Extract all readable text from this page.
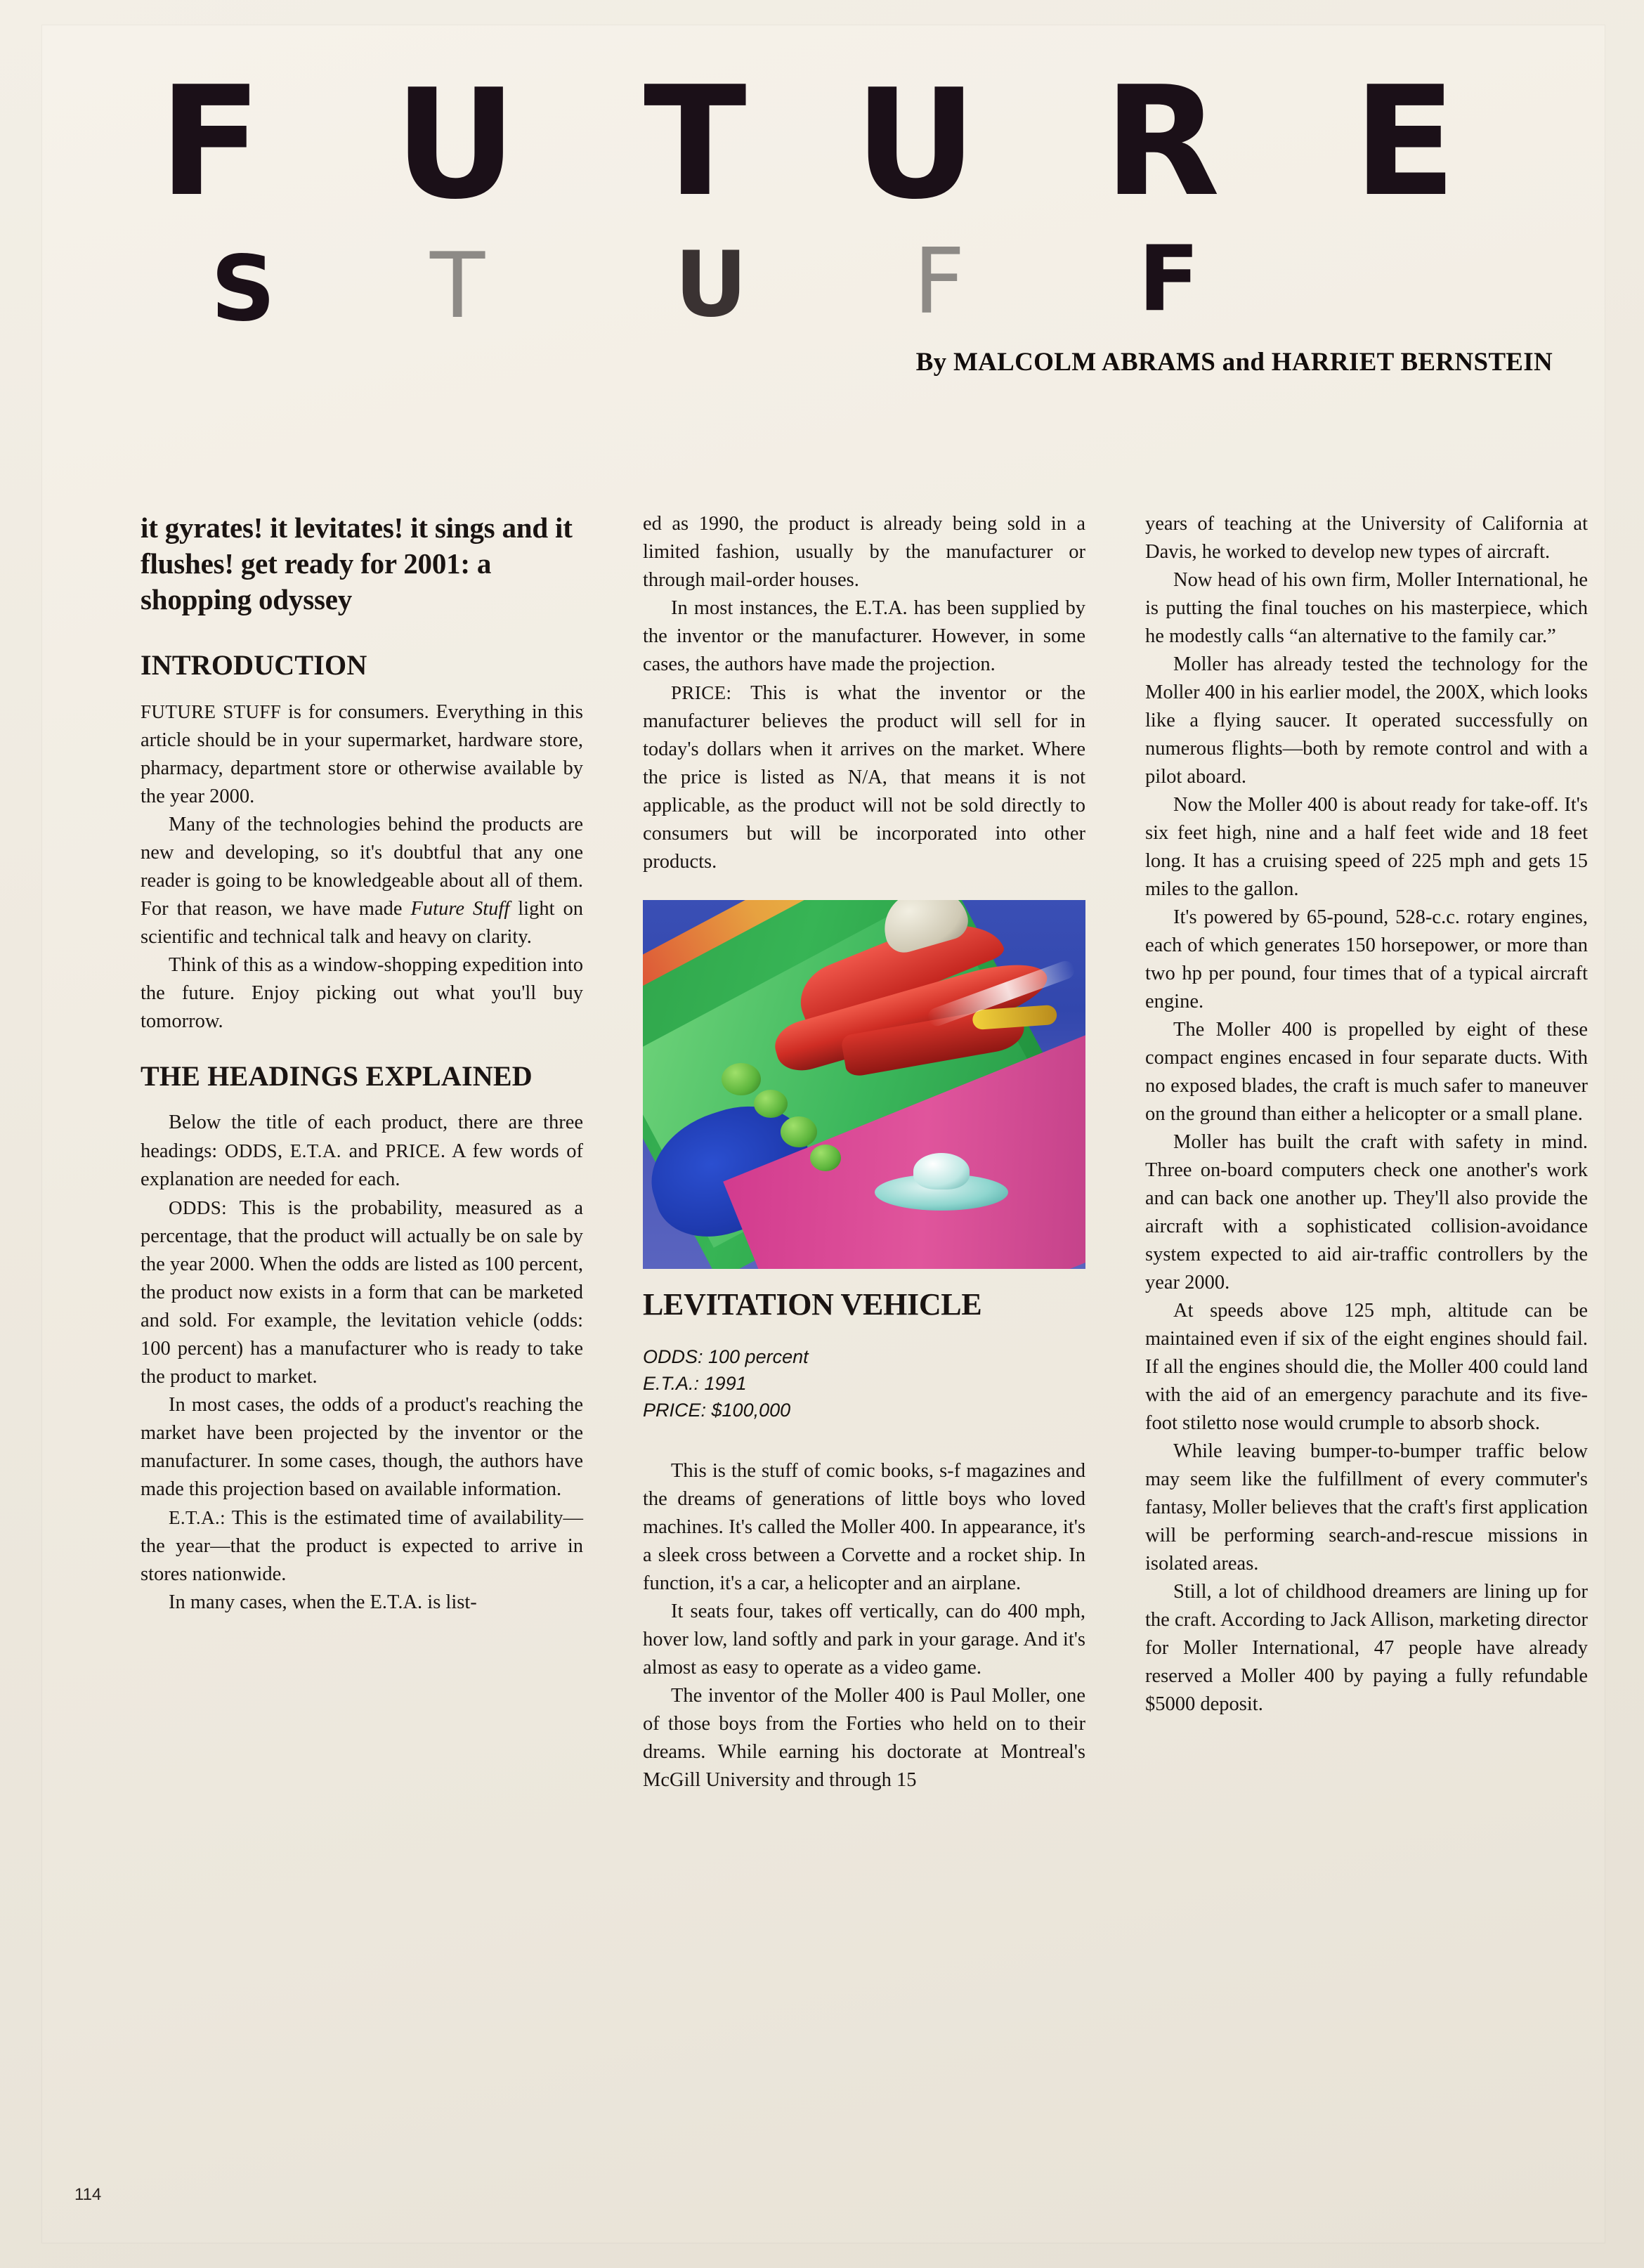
F U T U R E
S T U F F
By MALCOLM ABRAMS and HARRIET BERNSTEIN
it gyrates! it levitates! it sings and it flushes! get ready for 2001: a shopping odyssey
INTRODUCTION

FUTURE STUFF is for consumers. Everything in this article should be in your supermarket, hardware store, pharmacy, department store or otherwise available by the year 2000.

Many of the technologies behind the products are new and developing, so it's doubtful that any one reader is going to be knowledgeable about all of them. For that reason, we have made Future Stuff light on scientific and technical talk and heavy on clarity.

Think of this as a window-shopping expedition into the future. Enjoy picking out what you'll buy tomorrow.

THE HEADINGS EXPLAINED

Below the title of each product, there are three headings: ODDS, E.T.A. and PRICE. A few words of explanation are needed for each.

ODDS: This is the probability, measured as a percentage, that the product will actually be on sale by the year 2000. When the odds are listed as 100 percent, the product now exists in a form that can be marketed and sold. For example, the levitation vehicle (odds: 100 percent) has a manufacturer who is ready to take the product to market.

In most cases, the odds of a product's reaching the market have been projected by the inventor or the manufacturer. In some cases, though, the authors have made this projection based on available information.

E.T.A.: This is the estimated time of availability—the year—that the product is expected to arrive in stores nationwide.

In many cases, when the E.T.A. is list-

ed as 1990, the product is already being sold in a limited fashion, usually by the manufacturer or through mail-order houses.

In most instances, the E.T.A. has been supplied by the inventor or the manufacturer. However, in some cases, the authors have made the projection.

PRICE: This is what the inventor or the manufacturer believes the product will sell for in today's dollars when it arrives on the market. Where the price is listed as N/A, that means it is not applicable, as the product will not be sold directly to consumers but will be incorporated into other products.

LEVITATION VEHICLE
ODDS: 100 percent
E.T.A.: 1991
PRICE: $100,000

This is the stuff of comic books, s-f magazines and the dreams of generations of little boys who loved machines. It's called the Moller 400. In appearance, it's a sleek cross between a Corvette and a rocket ship. In function, it's a car, a helicopter and an airplane.

It seats four, takes off vertically, can do 400 mph, hover low, land softly and park in your garage. And it's almost as easy to operate as a video game.

The inventor of the Moller 400 is Paul Moller, one of those boys from the Forties who held on to their dreams. While earning his doctorate at Montreal's McGill University and through 15

years of teaching at the University of California at Davis, he worked to develop new types of aircraft.

Now head of his own firm, Moller International, he is putting the final touches on his masterpiece, which he modestly calls “an alternative to the family car.”

Moller has already tested the technology for the Moller 400 in his earlier model, the 200X, which looks like a flying saucer. It operated successfully on numerous flights—both by remote control and with a pilot aboard.

Now the Moller 400 is about ready for take-off. It's six feet high, nine and a half feet wide and 18 feet long. It has a cruising speed of 225 mph and gets 15 miles to the gallon.

It's powered by 65-pound, 528-c.c. rotary engines, each of which generates 150 horsepower, or more than two hp per pound, four times that of a typical aircraft engine.

The Moller 400 is propelled by eight of these compact engines encased in four separate ducts. With no exposed blades, the craft is much safer to maneuver on the ground than either a helicopter or a small plane.

Moller has built the craft with safety in mind. Three on-board computers check one another's work and can back one another up. They'll also provide the aircraft with a sophisticated collision-avoidance system expected to aid air-traffic controllers by the year 2000.

At speeds above 125 mph, altitude can be maintained even if six of the eight engines should fail. If all the engines should die, the Moller 400 could land with the aid of an emergency parachute and its five-foot stiletto nose would crumple to absorb shock.

While leaving bumper-to-bumper traffic below may seem like the fulfillment of every commuter's fantasy, Moller believes that the craft's first application will be performing search-and-rescue missions in isolated areas.

Still, a lot of childhood dreamers are lining up for the craft. According to Jack Allison, marketing director for Moller International, 47 people have already reserved a Moller 400 by paying a fully refundable $5000 deposit.

114
